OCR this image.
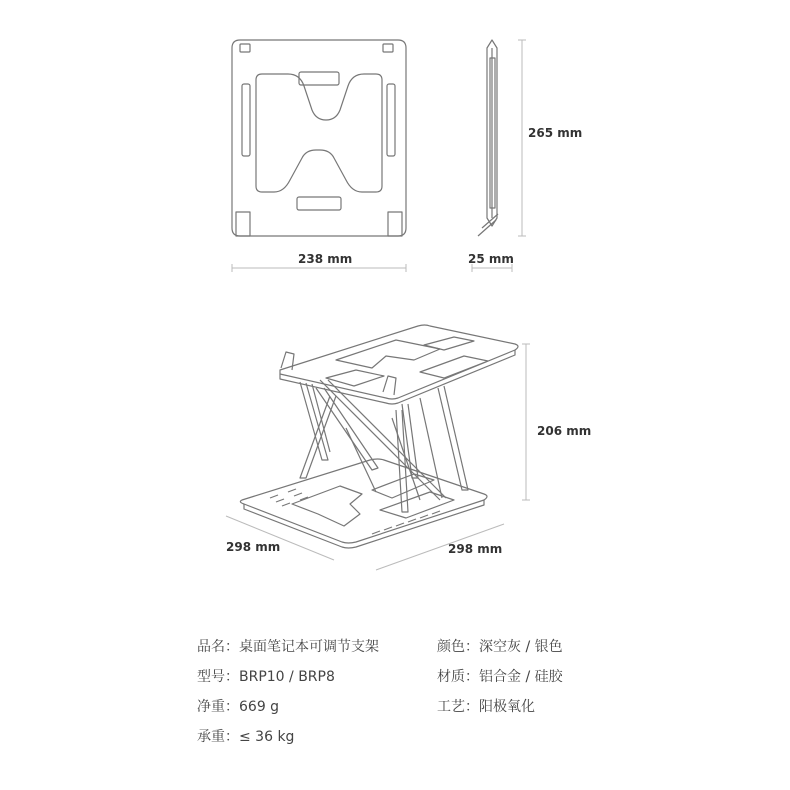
238 mm
265 mm
25 mm
206 mm
298 mm	298 mm
品名：桌面笔记本可调节支架
型号：BRP10 / BRP8
净重：669 g
承重：≤ 36 kg
颜色：深空灰 / 银色
材质：铝合金 / 硅胶
工艺：阳极氧化
